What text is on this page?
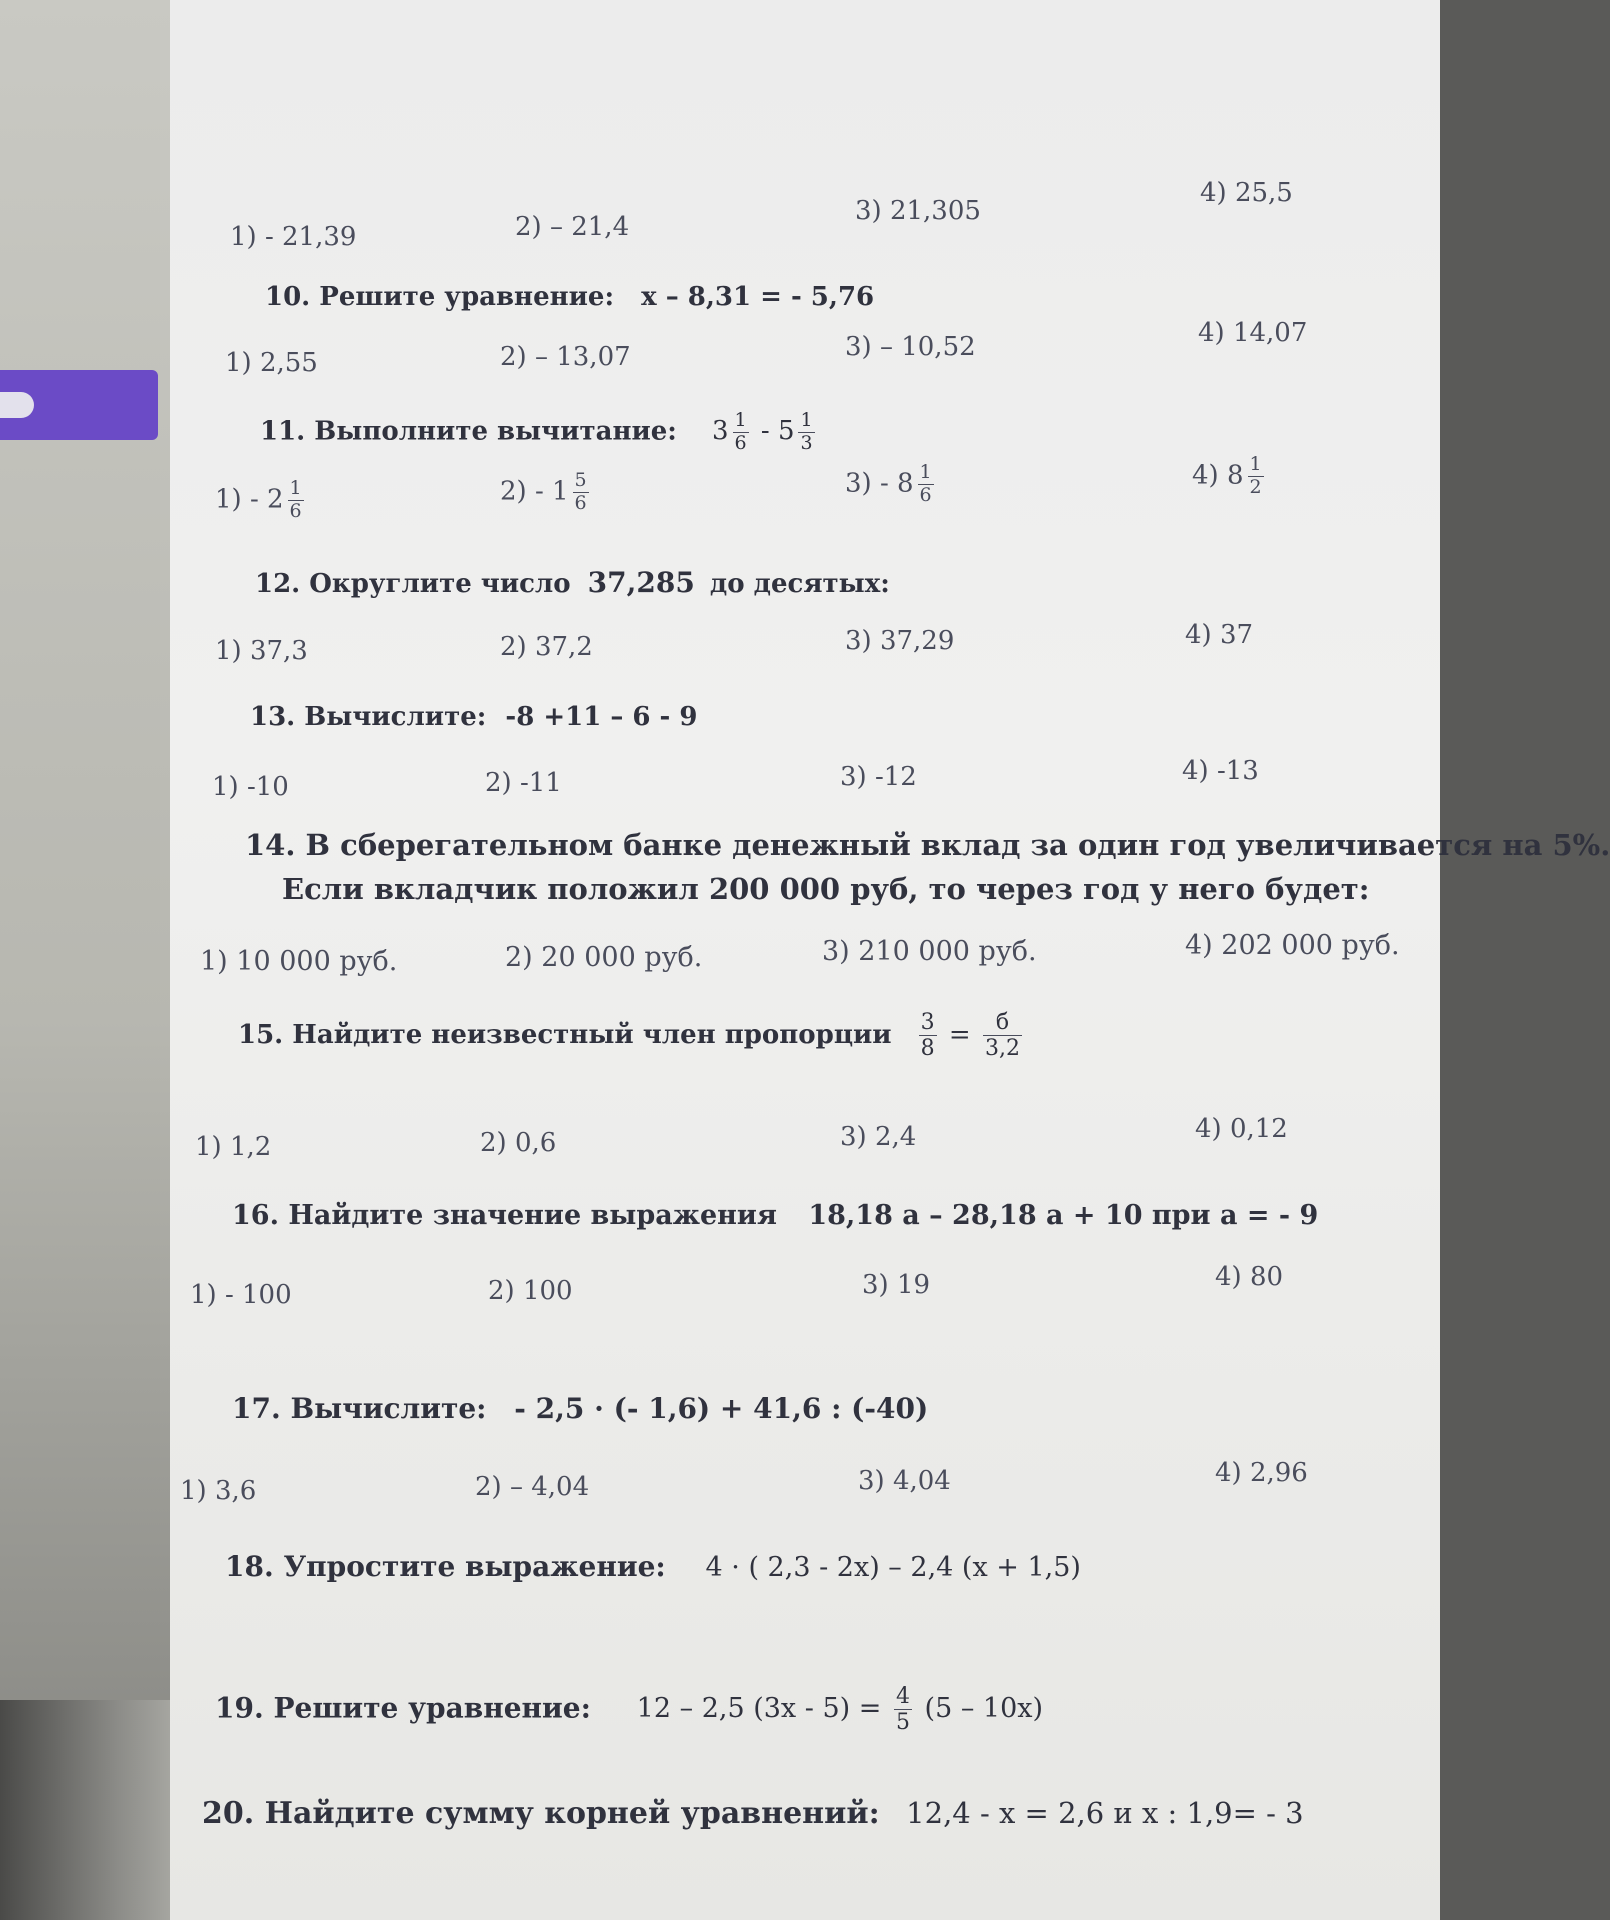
1) - 21,39	2) – 21,4
3) 21,305
4) 25,5
10. Решите уравнение: x – 8,31 = - 5,76
1) 2,55	2) – 13,07	3) – 10,52	4) 14,07
11. Выполните вычитание: $3 \frac{1}{6} - 5 \frac{1}{3}$
$1) - 2 \frac{1}{6}$	$2) - 1 \frac{5}{6}$	$3) - 8 \frac{1}{6}$	4) $8 \frac{1}{2}$
12. Округлите число 37,285 до десятых:
1) 37,3	2) 37,2	3) 37,29	4) 37
13. Вычислите: -8 +11 – 6 - 9
1) -10	2) -11	3) -12	4) -13
14. В сберегательном банке денежный вклад за один год увеличивается на 5%.
Если вкладчик положил 200 000 руб, то через год у него будет:
1) 10 000 руб.	2) 20 000 руб.	3) 210 000 руб.	4) 202 000 руб.
15. Найдите неизвестный член пропорции $\frac{3}{8} = \frac{б}{3,2}$
1) 1,2	2) 0,6	3) 2,4	4) 0,12
16. Найдите значение выражения 18,18 а – 28,18 а + 10 при а = - 9
1) - 100	2) 100	3) 19	4) 80
17. Вычислите: - 2,5 · (- 1,6) + 41,6 : (-40)
1) 3,6	2) – 4,04	3) 4,04	4) 2,96
18. Упростите выражение: 4 · ( 2,3 - 2x) – 2,4 (x + 1,5)
19. Решите уравнение: 12 – 2,5 $(3x - 5) = \frac{4}{5} (5 - 10x)$
20. Найдите сумму корней уравнений: 12,4 - x = 2,6 и x : 1,9= - 3
